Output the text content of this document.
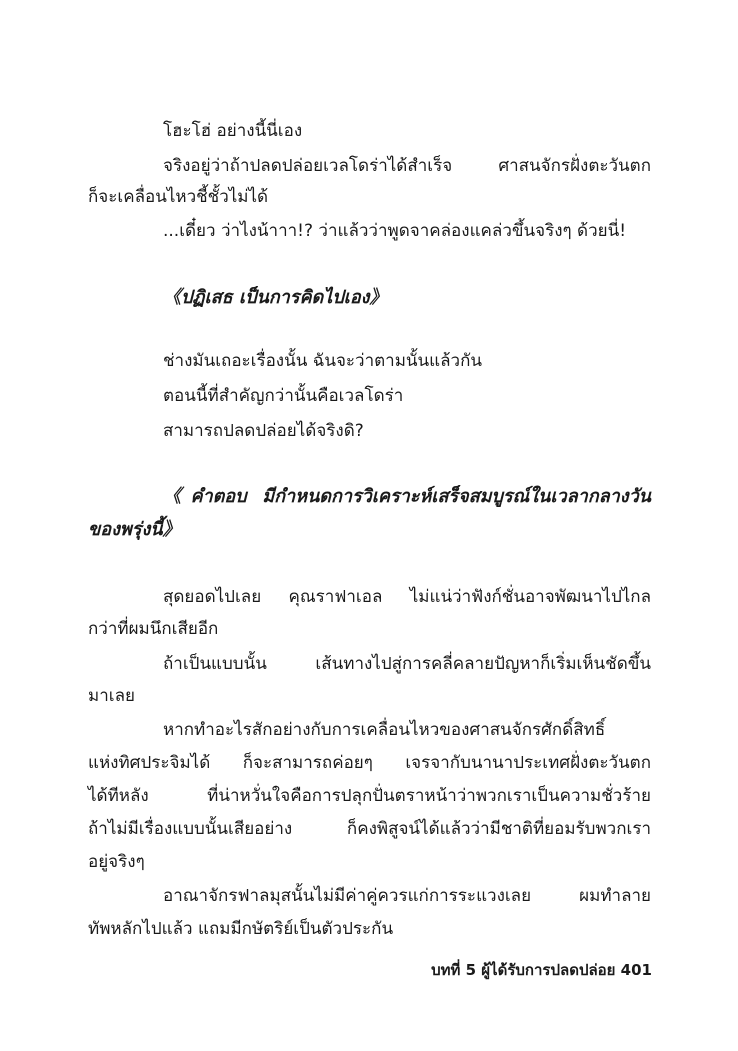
โฮะโฮ่ อย่างนี้นี่เอง
จริงอยู่ว่าถ้าปลดปล่อยเวลโดร่าได้สำเร็จ ศาสนจักรฝั่งตะวันตก
ก็จะเคลื่อนไหวชี้ชั้วไม่ได้
...เดี๋ยว ว่าไงน้าาา!? ว่าแล้วว่าพูดจาคล่องแคล่วขึ้นจริงๆ ด้วยนี่!
《ปฏิเสธ เป็นการคิดไปเอง》
ช่างมันเถอะเรื่องนั้น ฉันจะว่าตามนั้นแล้วกัน
ตอนนี้ที่สำคัญกว่านั้นคือเวลโดร่า
สามารถปลดปล่อยได้จริงดิ?
《คำตอบ มีกำหนดการวิเคราะห์เสร็จสมบูรณ์ในเวลากลางวัน
ของพรุ่งนี้》
สุดยอดไปเลย คุณราฟาเอล ไม่แน่ว่าฟังก์ชั่นอาจพัฒนาไปไกล
กว่าที่ผมนึกเสียอีก
ถ้าเป็นแบบนั้น เส้นทางไปสู่การคลี่คลายปัญหาก็เริ่มเห็นชัดขึ้น
มาเลย
หากทำอะไรสักอย่างกับการเคลื่อนไหวของศาสนจักรศักดิ์สิทธิ์
แห่งทิศประจิมได้ ก็จะสามารถค่อยๆ เจรจากับนานาประเทศฝั่งตะวันตก
ได้ทีหลัง ที่น่าหวั่นใจคือการปลุกปั่นตราหน้าว่าพวกเราเป็นความชั่วร้าย
ถ้าไม่มีเรื่องแบบนั้นเสียอย่าง ก็คงพิสูจน์ได้แล้วว่ามีชาติที่ยอมรับพวกเรา
อยู่จริงๆ
อาณาจักรฟาลมุสนั้นไม่มีค่าคู่ควรแก่การระแวงเลย ผมทำลาย
ทัพหลักไปแล้ว แถมมีกษัตริย์เป็นตัวประกัน
บทที่ 5 ผู้ได้รับการปลดปล่อย 401
